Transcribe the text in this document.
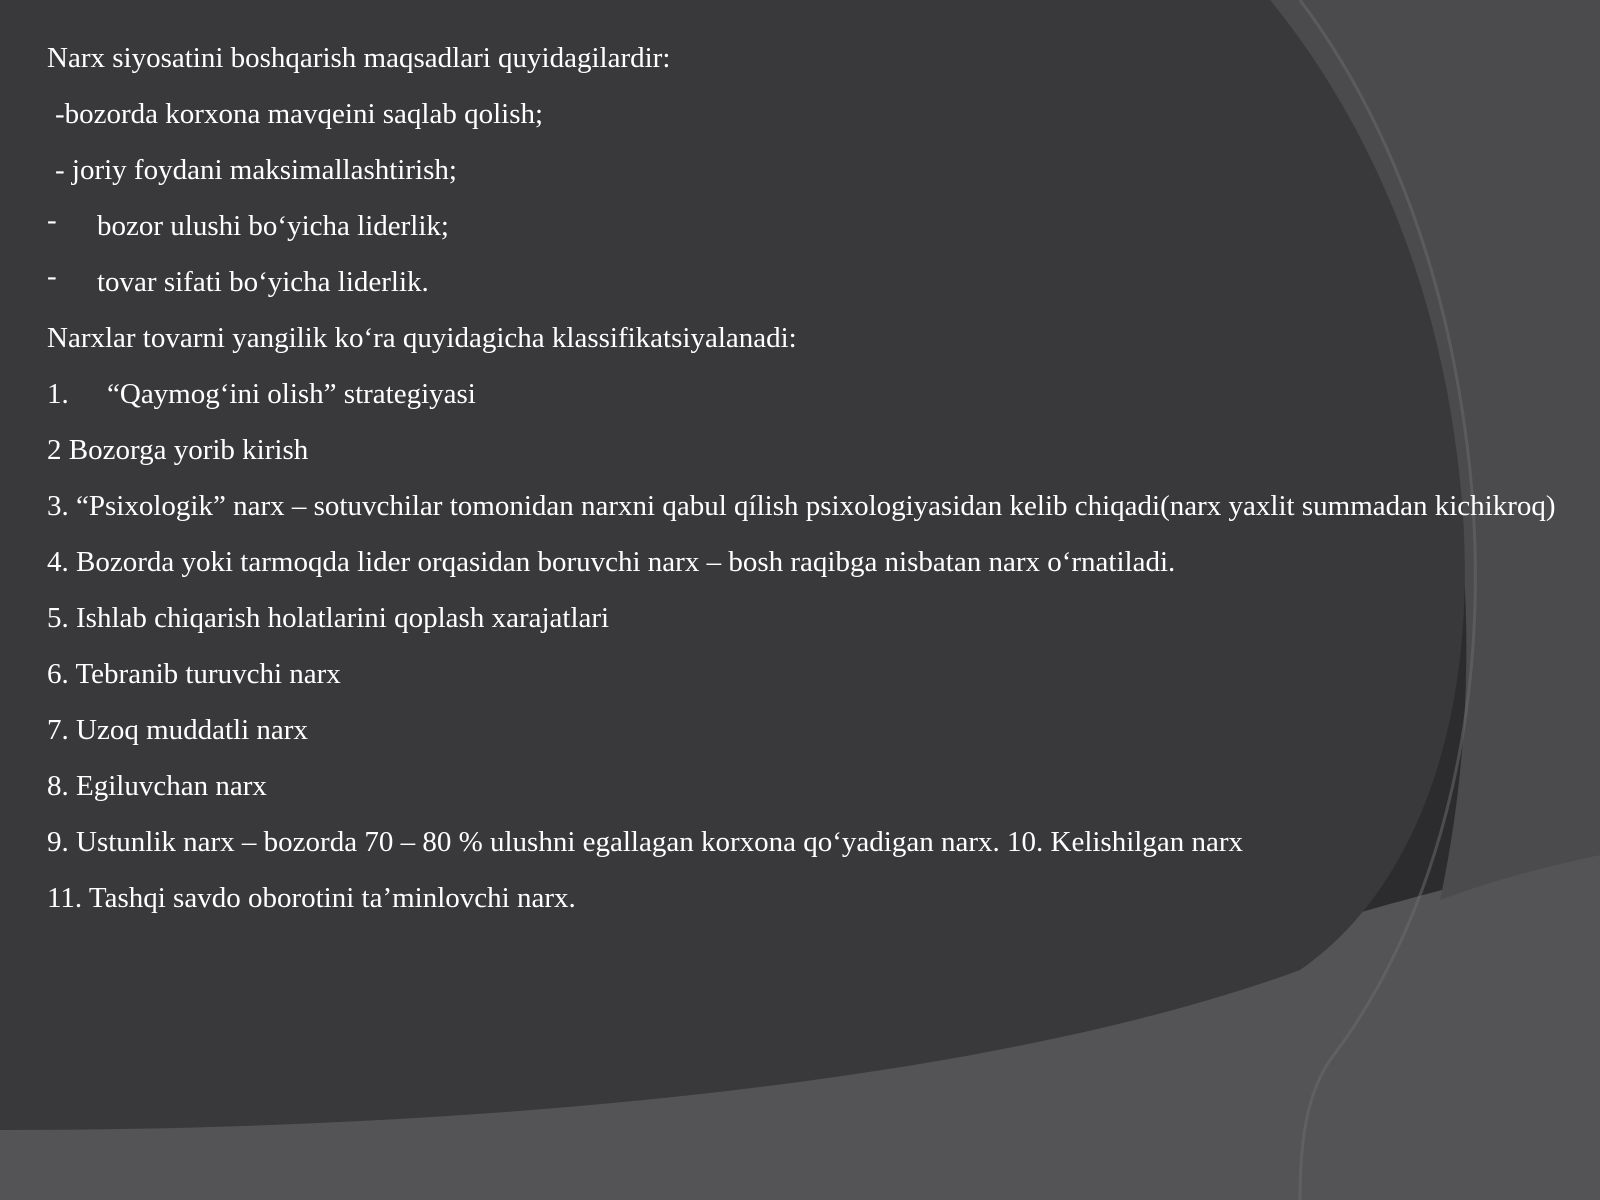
Narx siyosatini boshqarish maqsadlari quyidagilardir:
-bozorda korxona mavqeini saqlab qolish;
- joriy foydani maksimallashtirish;
-	bozor ulushi bo‘yicha liderlik;
-	tovar sifati bo‘yicha liderlik.
Narxlar tovarni yangilik ko‘ra quyidagicha klassifikatsiyalanadi:
1.	“Qaymog‘ini olish” strategiyasi
2 Bozorga yorib kirish
3. “Psixologik” narx – sotuvchilar tomonidan narxni qabul qílish psixologiyasidan kelib chiqadi(narx yaxlit summadan kichikroq)
4. Bozorda yoki tarmoqda lider orqasidan boruvchi narx – bosh raqibga nisbatan narx o‘rnatiladi.
5. Ishlab chiqarish holatlarini qoplash xarajatlari
6. Tebranib turuvchi narx
7. Uzoq muddatli narx
8. Egiluvchan narx
9. Ustunlik narx – bozorda 70 – 80 % ulushni egallagan korxona qo‘yadigan narx. 10. Kelishilgan narx
11. Tashqi savdo oborotini ta’minlovchi narx.
